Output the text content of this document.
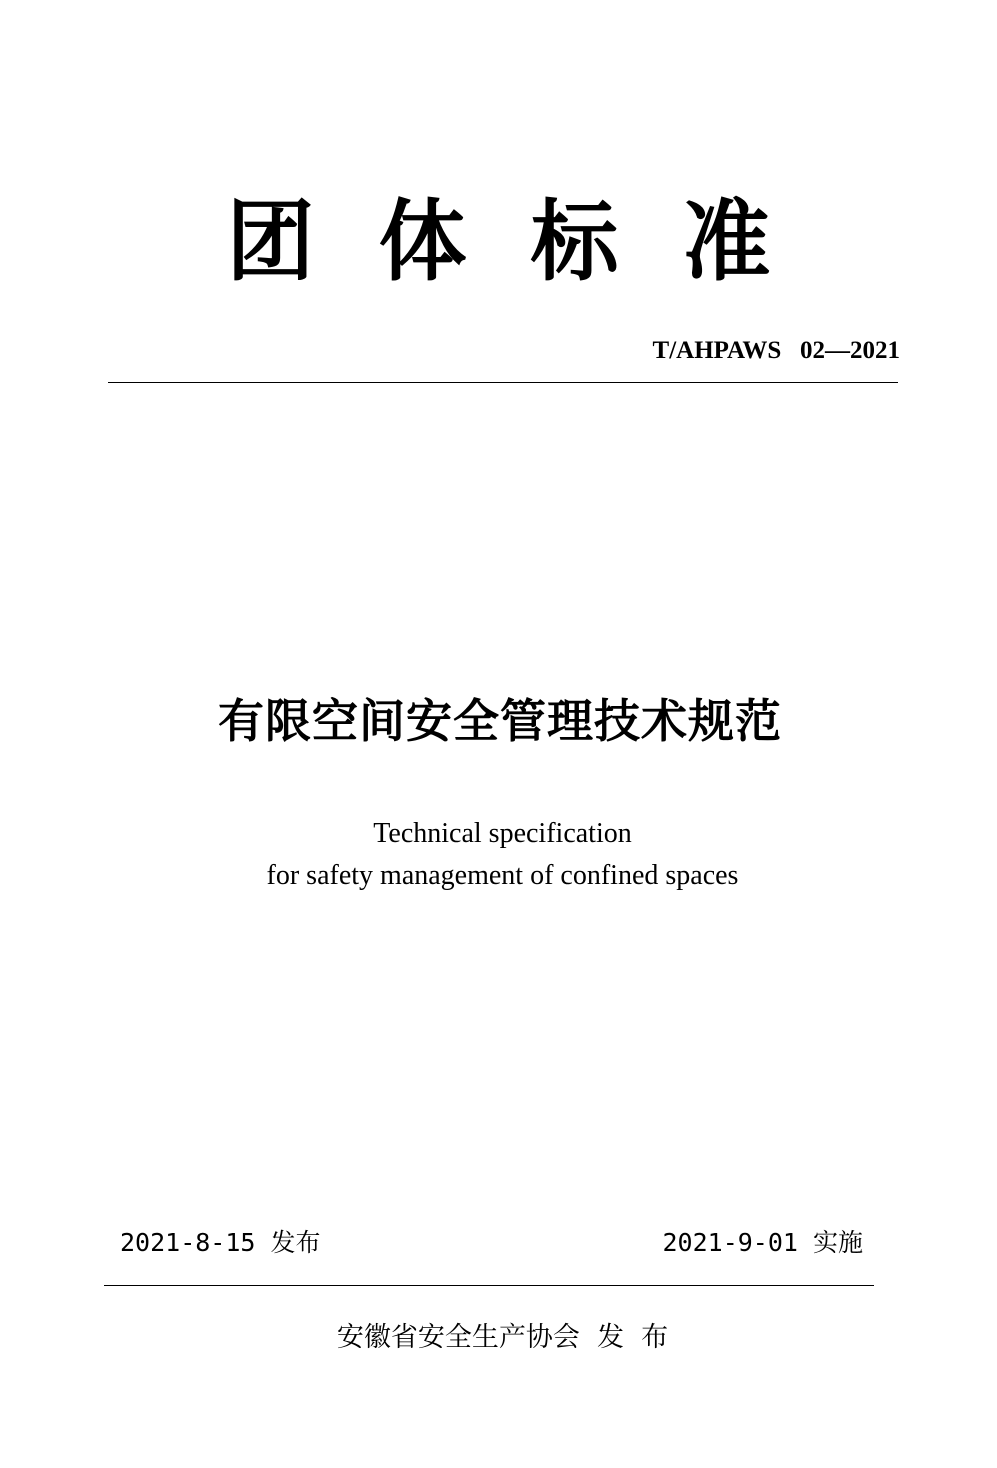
团体标准
T/AHPAWS   02—2021
有限空间安全管理技术规范
Technical specification
for safety management of confined spaces
2021-8-15 发布	2021-9-01 实施
安徽省安全生产协会  发  布
